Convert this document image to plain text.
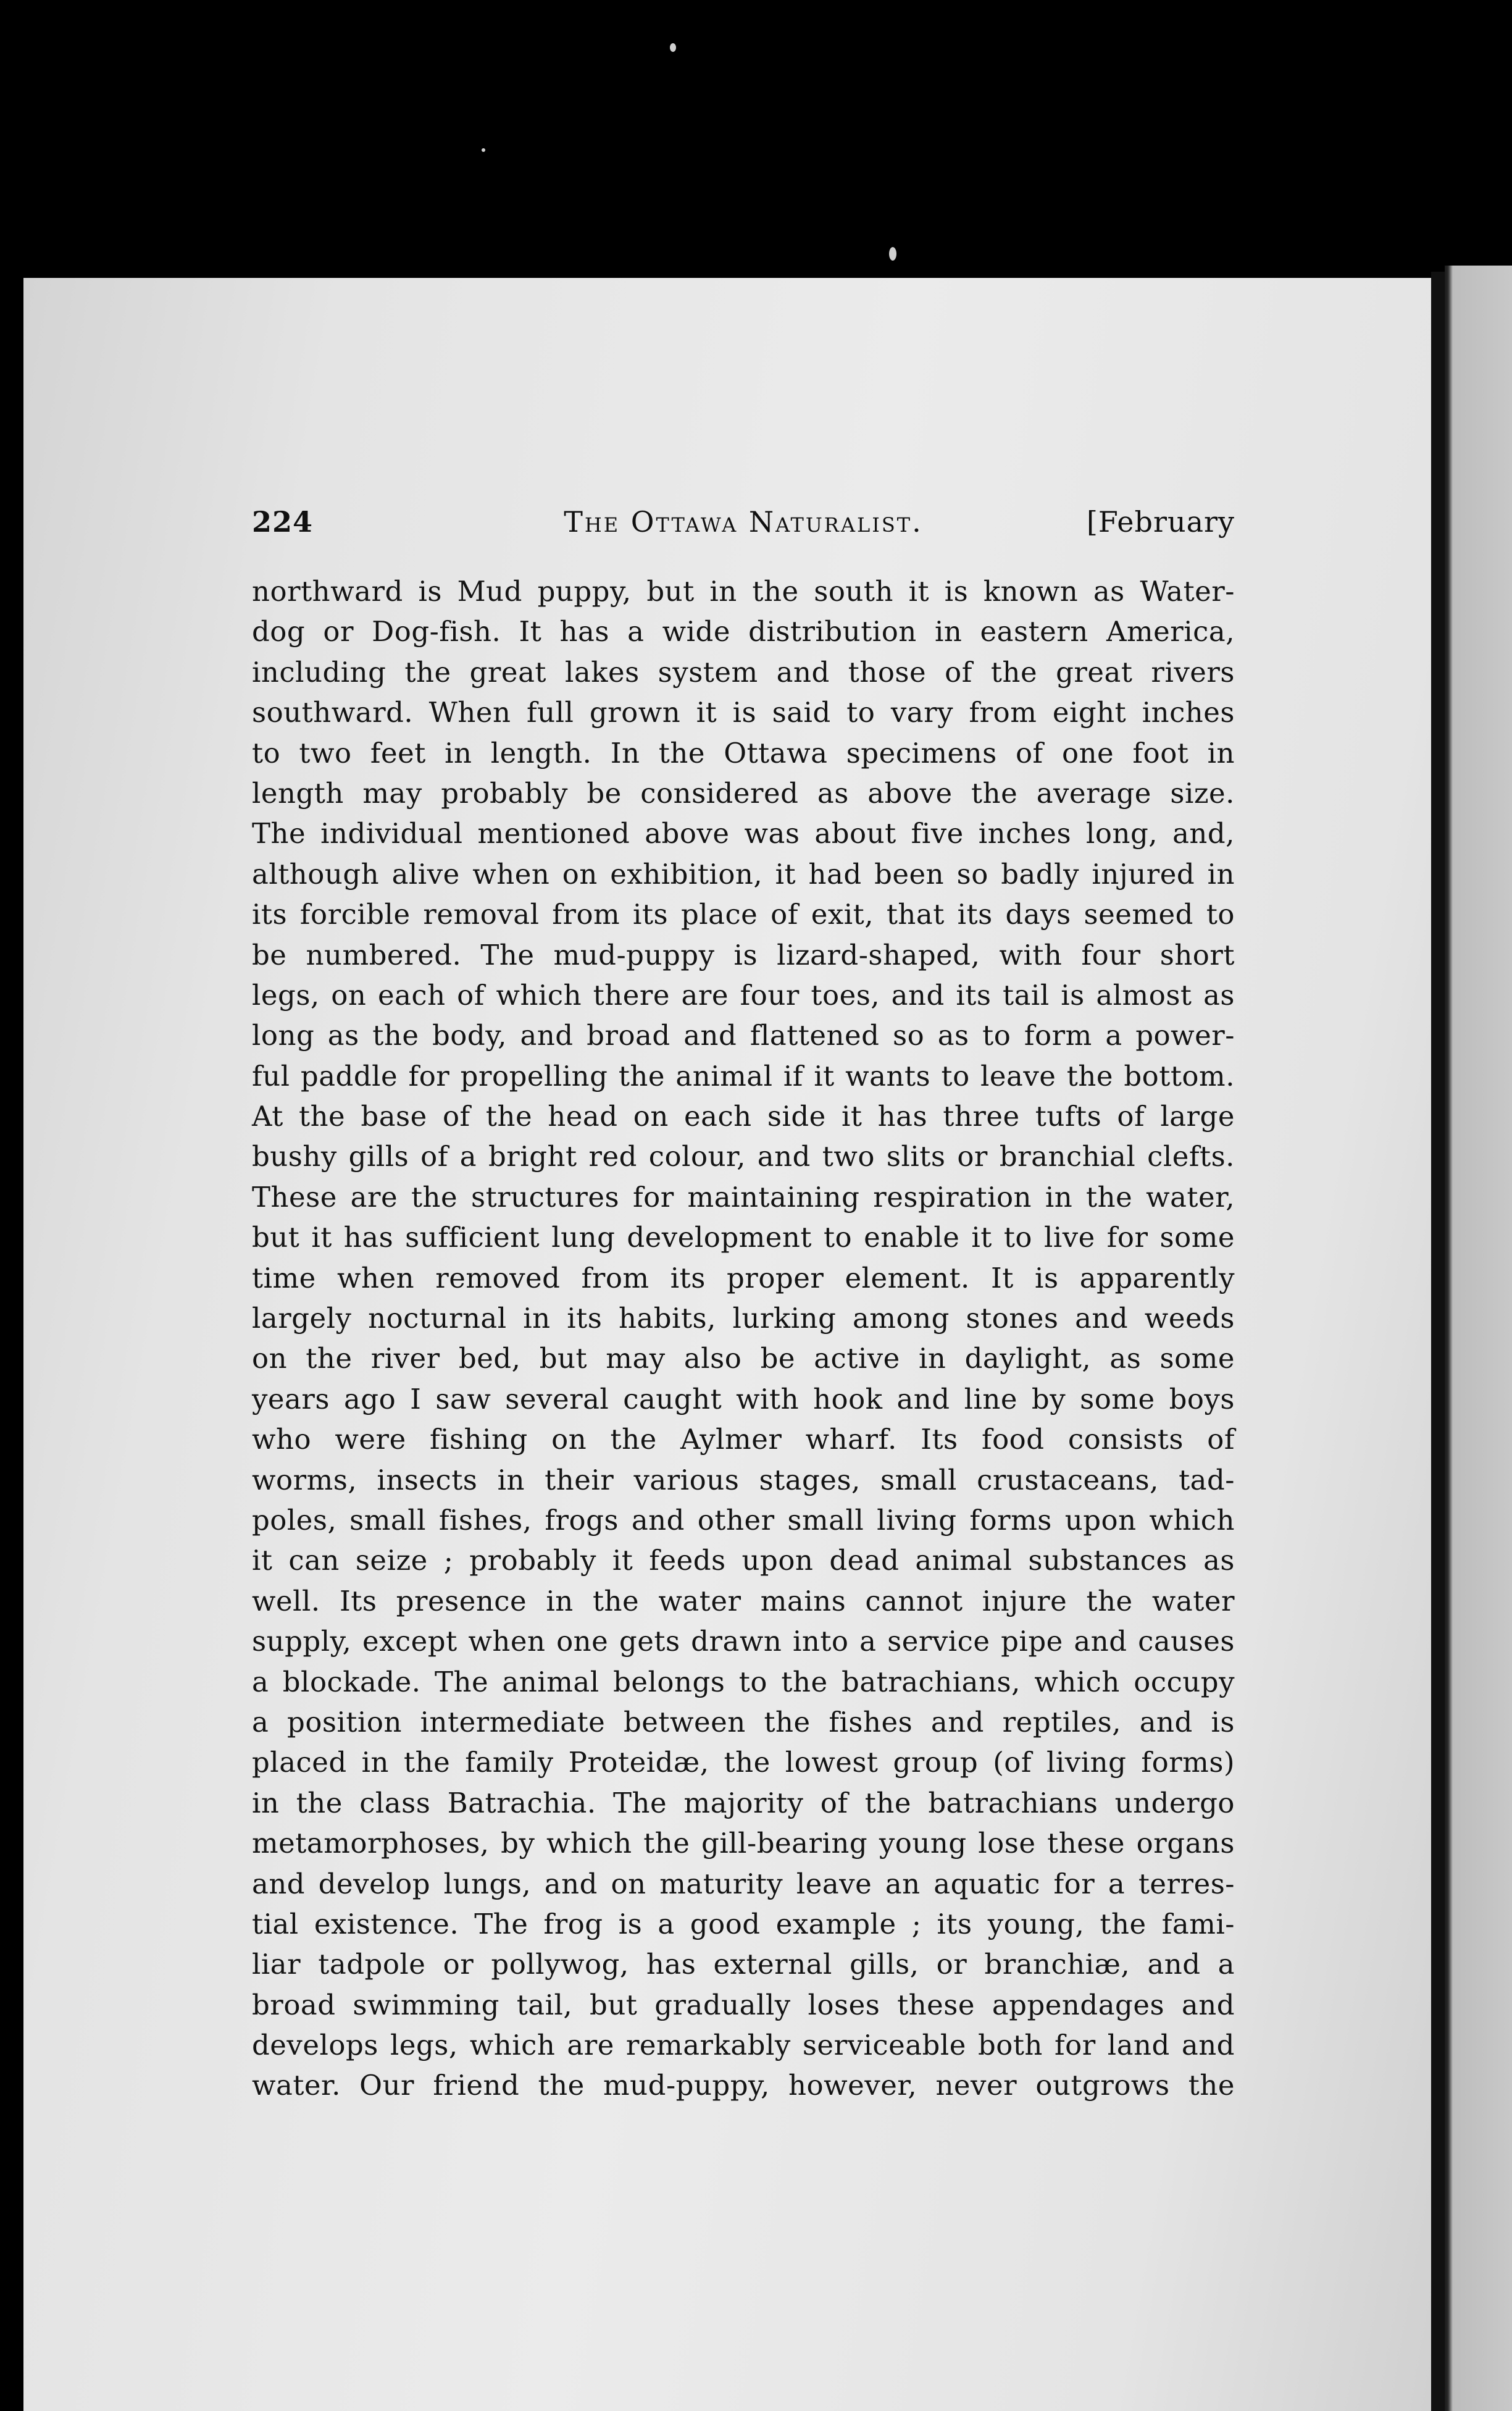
224	The Ottawa Naturalist.	[February
northward is Mud puppy, but in the south it is known as Water-
dog or Dog-fish. It has a wide distribution in eastern America,
including the great lakes system and those of the great rivers
southward. When full grown it is said to vary from eight inches
to two feet in length. In the Ottawa specimens of one foot in
length may probably be considered as above the average size.
The individual mentioned above was about five inches long, and,
although alive when on exhibition, it had been so badly injured in
its forcible removal from its place of exit, that its days seemed to
be numbered. The mud-puppy is lizard-shaped, with four short
legs, on each of which there are four toes, and its tail is almost as
long as the body, and broad and flattened so as to form a power-
ful paddle for propelling the animal if it wants to leave the bottom.
At the base of the head on each side it has three tufts of large
bushy gills of a bright red colour, and two slits or branchial clefts.
These are the structures for maintaining respiration in the water,
but it has sufficient lung development to enable it to live for some
time when removed from its proper element. It is apparently
largely nocturnal in its habits, lurking among stones and weeds
on the river bed, but may also be active in daylight, as some
years ago I saw several caught with hook and line by some boys
who were fishing on the Aylmer wharf. Its food consists of
worms, insects in their various stages, small crustaceans, tad-
poles, small fishes, frogs and other small living forms upon which
it can seize ; probably it feeds upon dead animal substances as
well. Its presence in the water mains cannot injure the water
supply, except when one gets drawn into a service pipe and causes
a blockade. The animal belongs to the batrachians, which occupy
a position intermediate between the fishes and reptiles, and is
placed in the family Proteidæ, the lowest group (of living forms)
in the class Batrachia. The majority of the batrachians undergo
metamorphoses, by which the gill-bearing young lose these organs
and develop lungs, and on maturity leave an aquatic for a terres-
tial existence. The frog is a good example ; its young, the fami-
liar tadpole or pollywog, has external gills, or branchiæ, and a
broad swimming tail, but gradually loses these appendages and
develops legs, which are remarkably serviceable both for land and
water. Our friend the mud-puppy, however, never outgrows the
